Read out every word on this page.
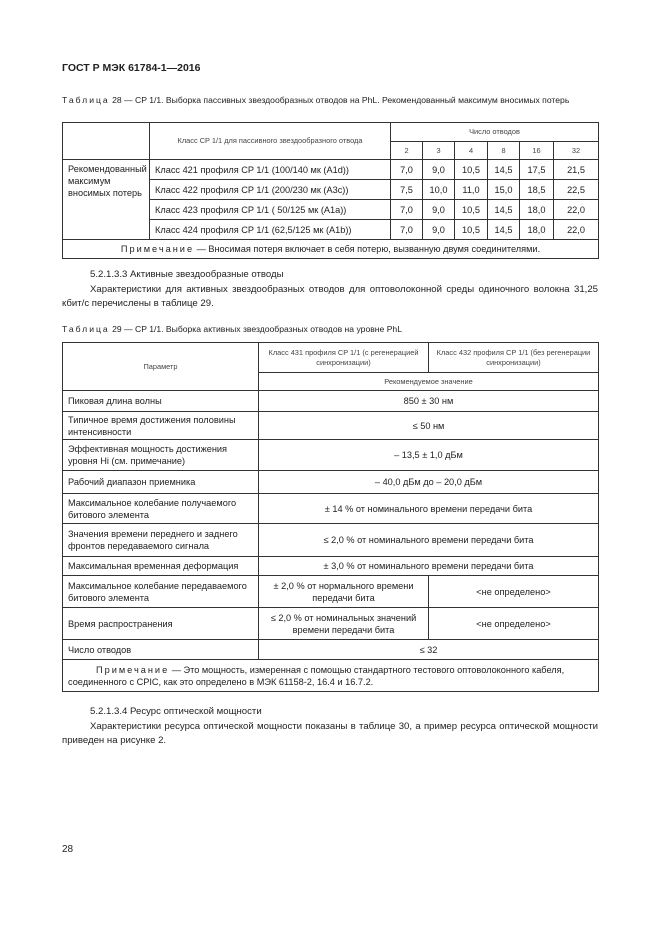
ГОСТ Р МЭК 61784-1—2016
Таблица 28 — CP 1/1. Выборка пассивных звездообразных отводов на PhL. Рекомендованный максимум вносимых потерь
	Класс CP 1/1 для пассивного звездообразного отвода	Число отводов					
		2	3	4	8	16	32
Рекомендованный максимум вносимых потерь	Класс 421 профиля CP 1/1 (100/140 мк (A1d))	7,0	9,0	10,5	14,5	17,5	21,5
	Класс 422 профиля CP 1/1 (200/230 мк (A3c))	7,5	10,0	11,0	15,0	18,5	22,5
	Класс 423 профиля CP 1/1 ( 50/125 мк (A1a))	7,0	9,0	10,5	14,5	18,0	22,0
	Класс 424 профиля CP 1/1 (62,5/125 мк (A1b))	7,0	9,0	10,5	14,5	18,0	22,0
Примечание — Вносимая потеря включает в себя потерю, вызванную двумя соединителями.							
5.2.1.3.3 Активные звездообразные отводы
Характеристики для активных звездообразных отводов для оптоволоконной среды одиночного волокна 31,25 кбит/с перечислены в таблице 29.
Таблица 29 — CP 1/1. Выборка активных звездообразных отводов на уровне PhL
Параметр	Класс 431 профиля CP 1/1 (с регенерацией синхронизации)	Класс 432 профиля CP 1/1 (без регенерации синхронизации)
	Рекомендуемое значение	
Пиковая длина волны	850 ± 30 нм	
Типичное время достижения половины интенсивности	≤ 50 нм	
Эффективная мощность достижения уровня Hi (см. примечание)	– 13,5 ± 1,0 дБм	
Рабочий диапазон приемника	– 40,0 дБм до – 20,0 дБм	
Максимальное колебание получаемого битового элемента	± 14 % от номинального времени передачи бита	
Значения времени переднего и заднего фронтов передаваемого сигнала	≤ 2,0 % от номинального времени передачи бита	
Максимальная временная деформация	± 3,0 % от номинального времени передачи бита	
Максимальное колебание передаваемого битового элемента	± 2,0 % от нормального времени передачи бита	<не определено>
Время распространения	≤ 2,0 % от номинальных значений времени передачи бита	<не определено>
Число отводов	≤ 32	
Примечание — Это мощность, измеренная с помощью стандартного тестового оптоволоконного кабеля, соединенного с CPIC, как это определено в МЭК 61158-2, 16.4 и 16.7.2.		
5.2.1.3.4 Ресурс оптической мощности
Характеристики ресурса оптической мощности показаны в таблице 30, а пример ресурса оптической мощности приведен на рисунке 2.
28
